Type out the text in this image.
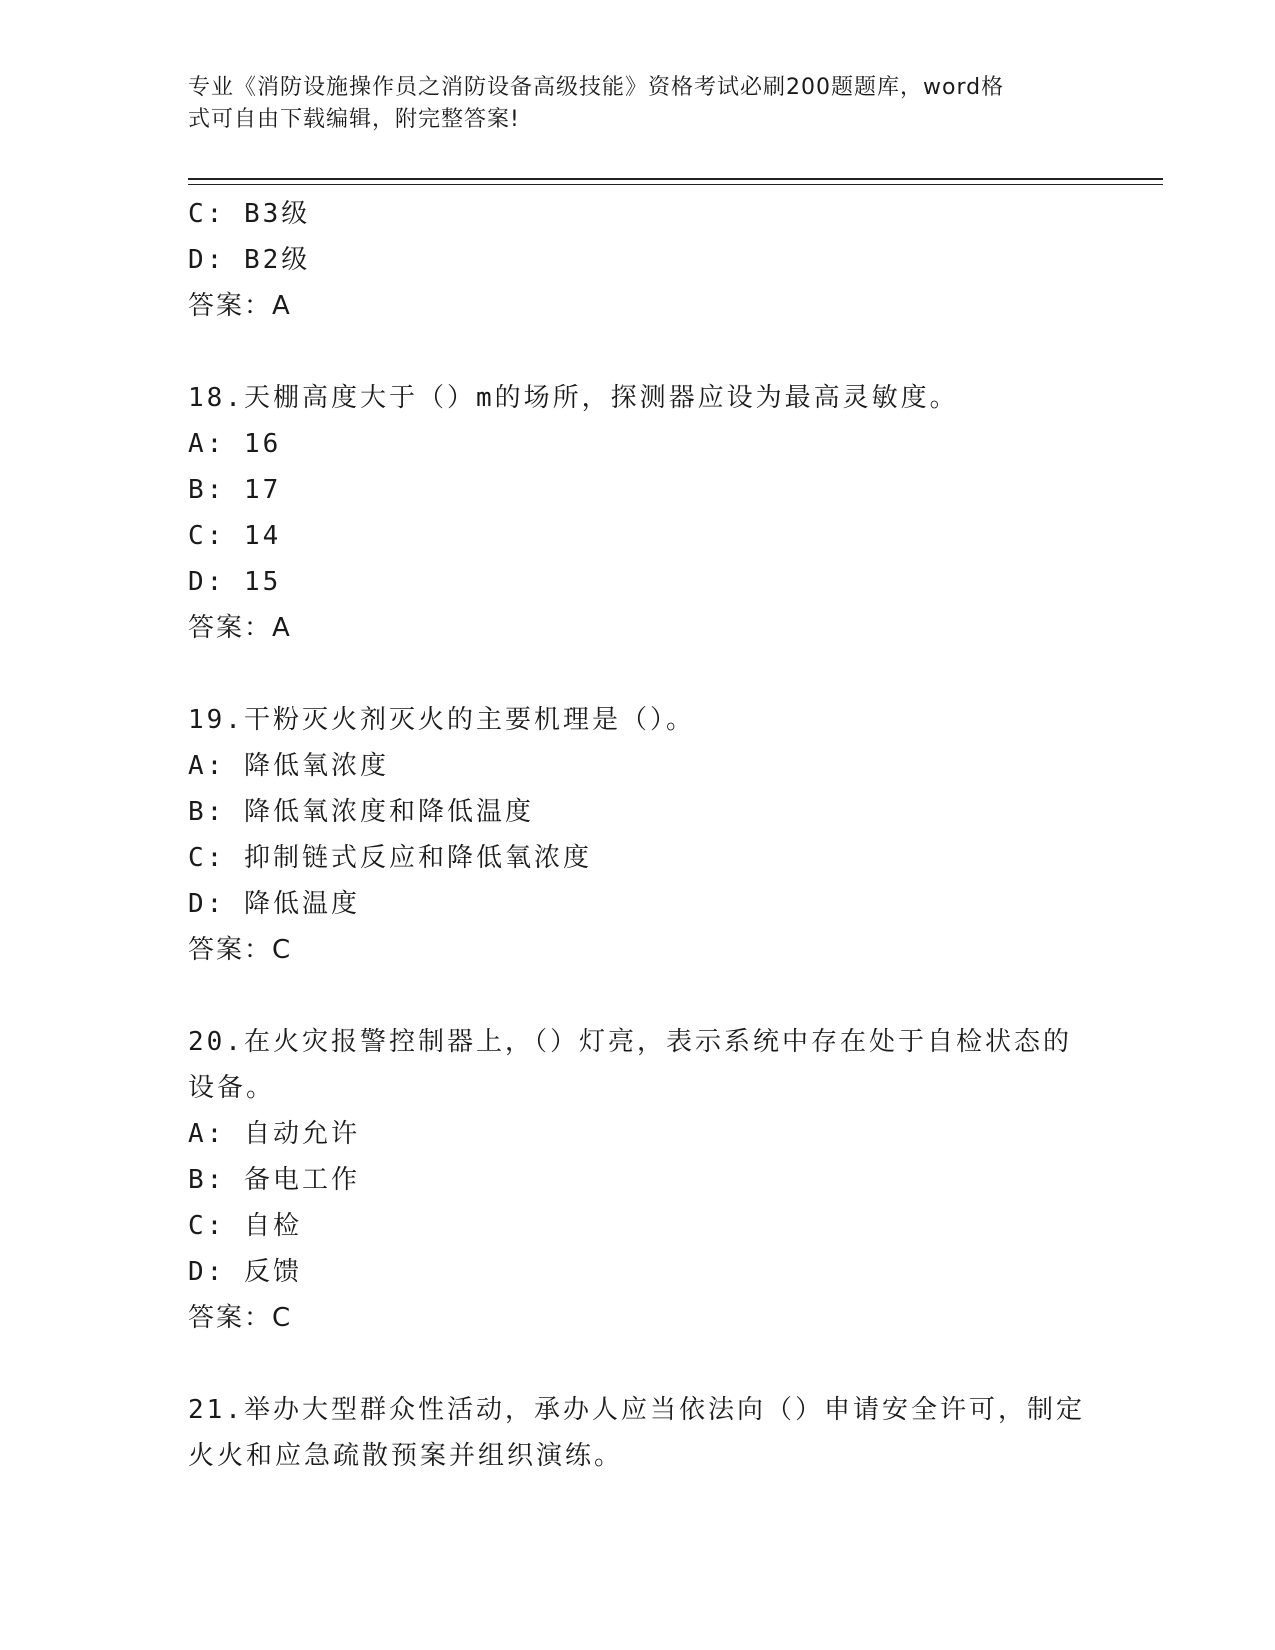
专业《消防设施操作员之消防设备高级技能》资格考试必刷200题题库，word格
式可自由下载编辑，附完整答案!
C: B3级
D: B2级
答案：A
18.天棚高度大于（）m的场所，探测器应设为最高灵敏度。
A: 16
B: 17
C: 14
D: 15
答案：A
19.干粉灭火剂灭火的主要机理是（）。
A: 降低氧浓度
B: 降低氧浓度和降低温度
C: 抑制链式反应和降低氧浓度
D: 降低温度
答案：C
20.在火灾报警控制器上，（）灯亮，表示系统中存在处于自检状态的
设备。
A: 自动允许
B: 备电工作
C: 自检
D: 反馈
答案：C
21.举办大型群众性活动，承办人应当依法向（）申请安全许可，制定
火火和应急疏散预案并组织演练。
